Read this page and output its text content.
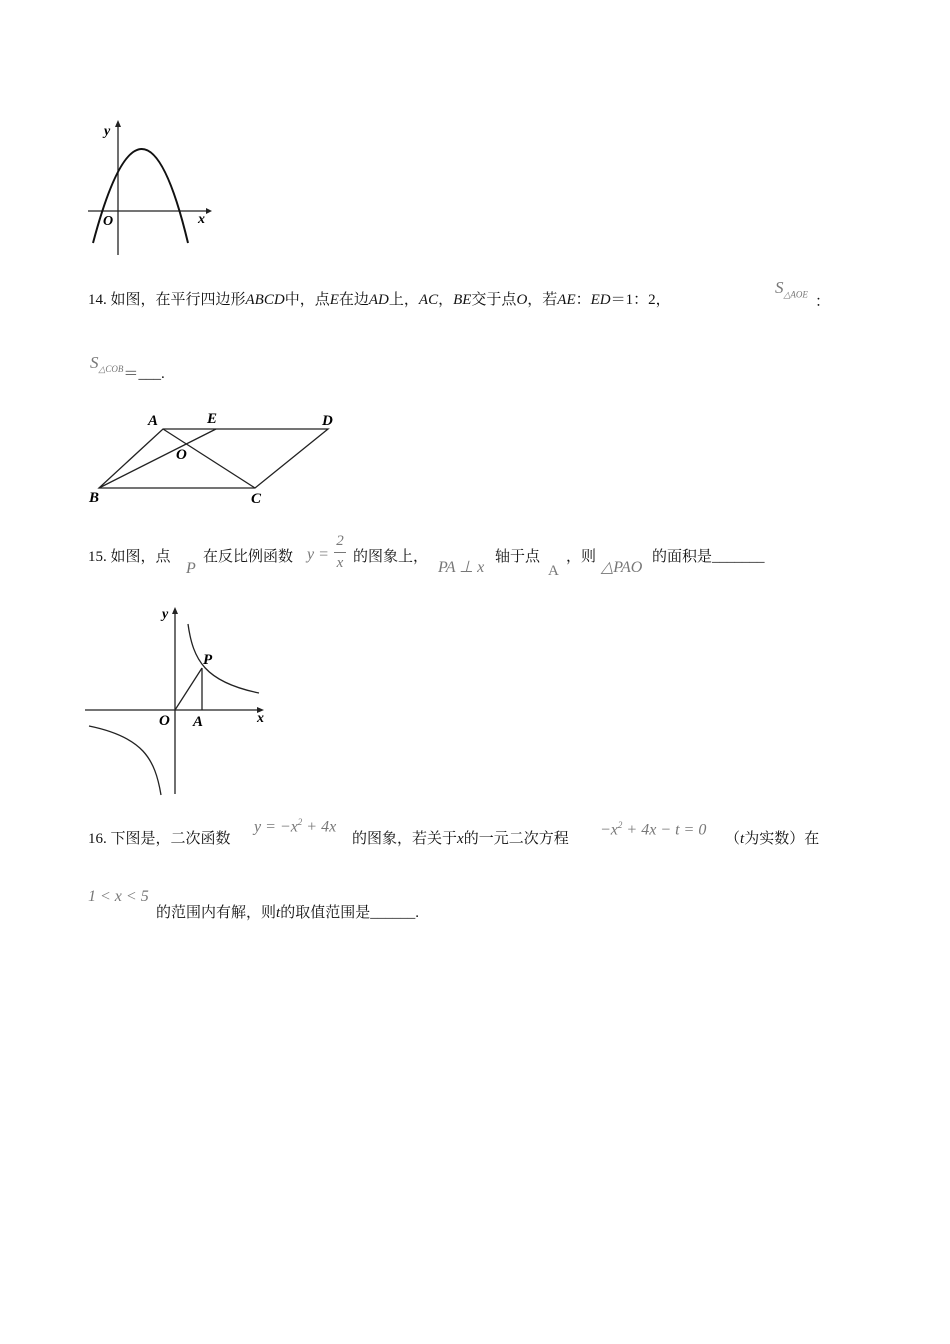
y
x
O
14. 如图，在平行四边形ABCD中，点E在边AD上，AC，BE交于点O，若AE：ED＝1：2，
$S_{\triangle AOE}$ ：
$S_{\triangle COB}=\_\_\_$.
A	E	D
O
B	C
15. 如图，点
P
在反比例函数 y =
2
x 的图象上，
PA ⊥ x
轴于点
A
，则
△PAO
的面积是_______
y
P
O A	x
16. 下图是，二次函数
$y = -x^2 + 4x$
的图象，若关于x的一元二次方程
$-x^2 + 4x - t = 0$
（t为实数）在
1 < x < 5
的范围内有解，则t的取值范围是______.
